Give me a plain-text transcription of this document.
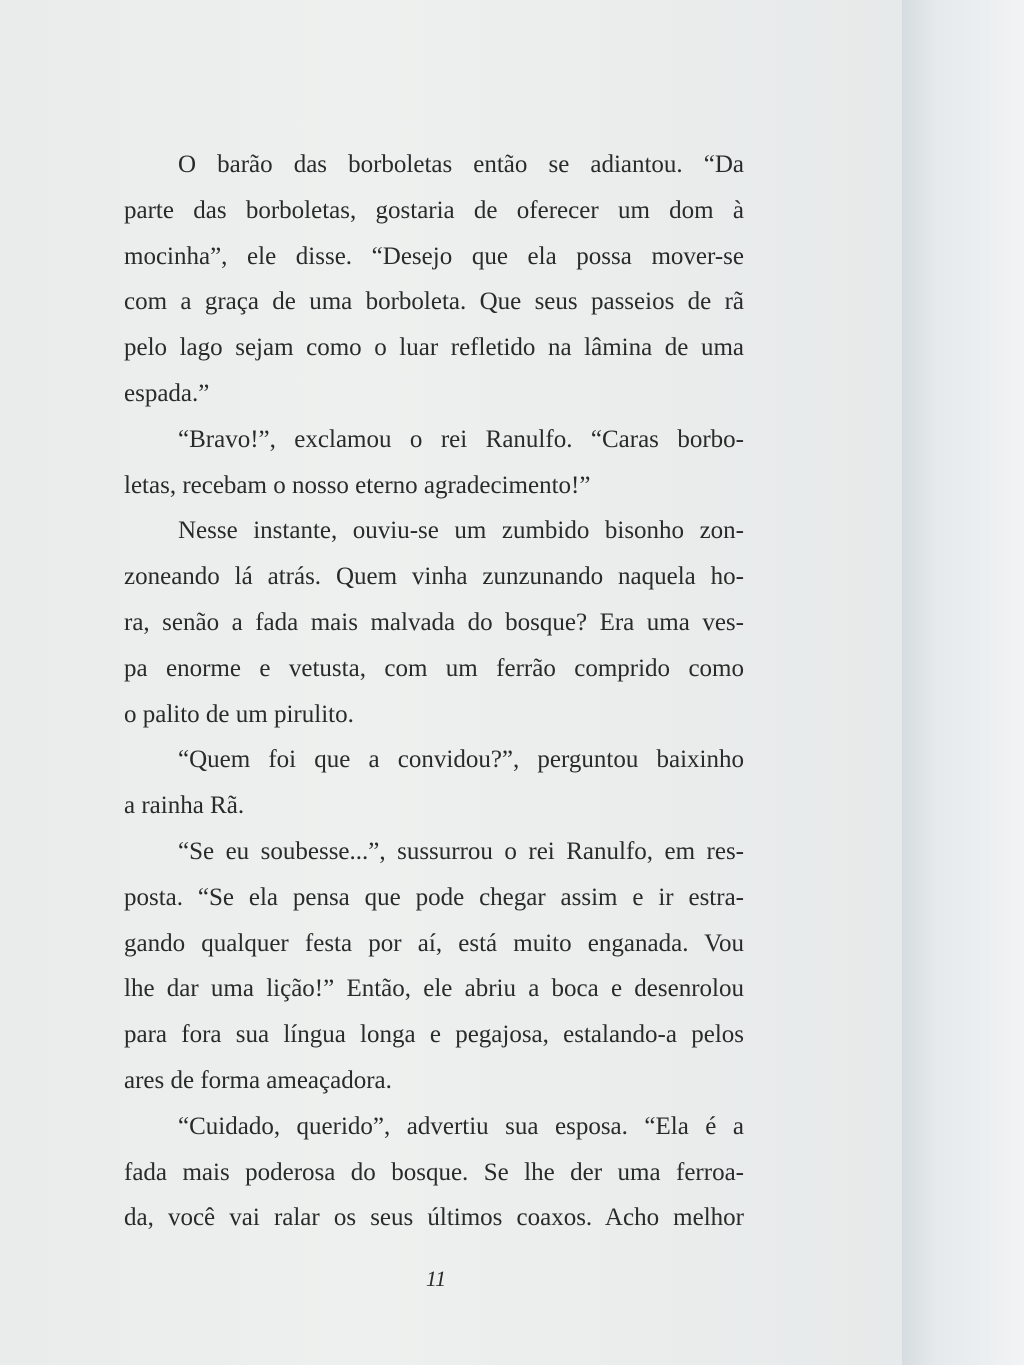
O barão das borboletas então se adiantou. “Da
parte das borboletas, gostaria de oferecer um dom à
mocinha”, ele disse. “Desejo que ela possa mover-se
com a graça de uma borboleta. Que seus passeios de rã
pelo lago sejam como o luar refletido na lâmina de uma
espada.”
“Bravo!”, exclamou o rei Ranulfo. “Caras borbo-
letas, recebam o nosso eterno agradecimento!”
Nesse instante, ouviu-se um zumbido bisonho zon-
zoneando lá atrás. Quem vinha zunzunando naquela ho-
ra, senão a fada mais malvada do bosque? Era uma ves-
pa enorme e vetusta, com um ferrão comprido como
o palito de um pirulito.
“Quem foi que a convidou?”, perguntou baixinho
a rainha Rã.
“Se eu soubesse...”, sussurrou o rei Ranulfo, em res-
posta. “Se ela pensa que pode chegar assim e ir estra-
gando qualquer festa por aí, está muito enganada. Vou
lhe dar uma lição!” Então, ele abriu a boca e desenrolou
para fora sua língua longa e pegajosa, estalando-a pelos
ares de forma ameaçadora.
“Cuidado, querido”, advertiu sua esposa. “Ela é a
fada mais poderosa do bosque. Se lhe der uma ferroa-
da, você vai ralar os seus últimos coaxos. Acho melhor
11
